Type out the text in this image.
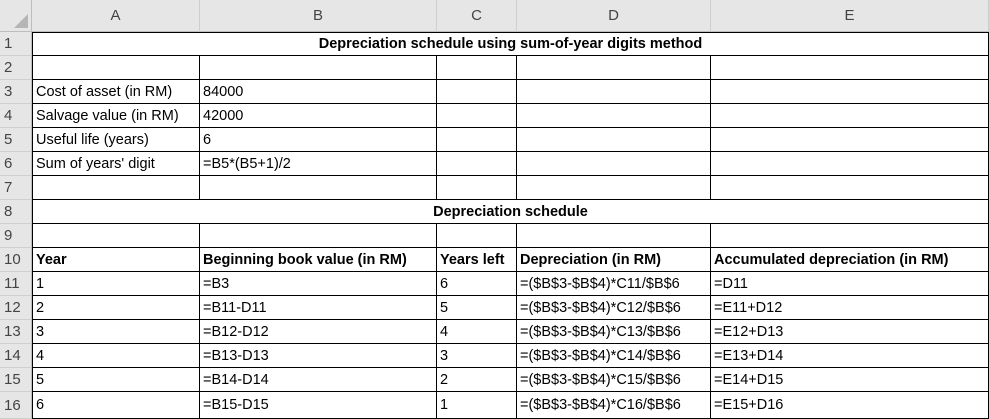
A	B	C	D	E
1
2
3
4
5
6
7
8
9
10
11
12
13
14
15
16
Depreciation schedule using sum-of-year digits method
Cost of asset (in RM)	84000
Salvage value (in RM)	42000
Useful life (years)	6
Sum of years' digit	=B5*(B5+1)/2
Depreciation schedule
Year	Beginning book value (in RM)	Years left	Depreciation (in RM)	Accumulated depreciation (in RM)
1	=B3	6	=($B$3-$B$4)*C11/$B$6	=D11
2	=B11-D11	5	=($B$3-$B$4)*C12/$B$6	=E11+D12
3	=B12-D12	4	=($B$3-$B$4)*C13/$B$6	=E12+D13
4	=B13-D13	3	=($B$3-$B$4)*C14/$B$6	=E13+D14
5	=B14-D14	2	=($B$3-$B$4)*C15/$B$6	=E14+D15
6	=B15-D15	1	=($B$3-$B$4)*C16/$B$6	=E15+D16
